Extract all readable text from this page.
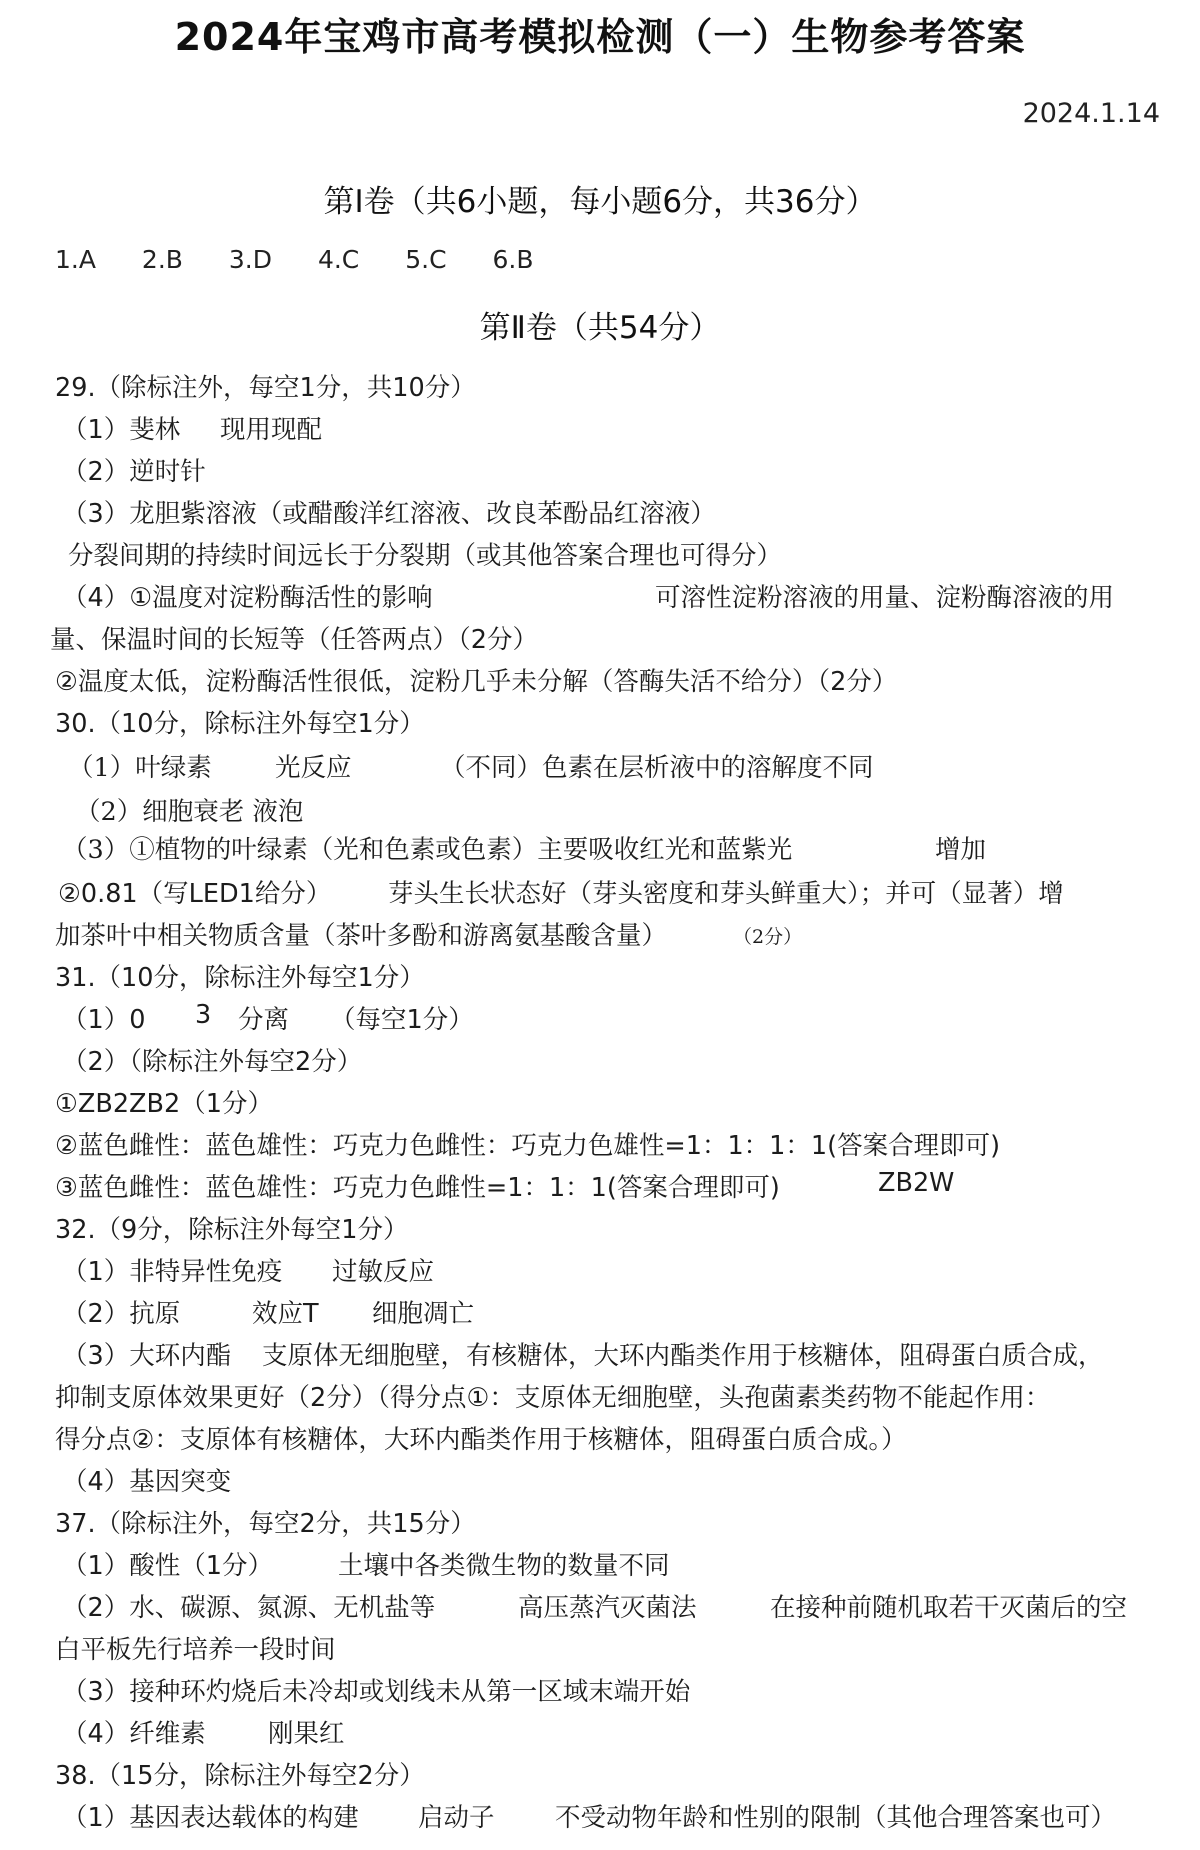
2024年宝鸡市高考模拟检测（一）生物参考答案
2024.1.14
第Ⅰ卷（共6小题，每小题6分，共36分）
1.A 2.B 3.D 4.C 5.C 6.B
第Ⅱ卷（共54分）
29.（除标注外，每空1分，共10分）
（1）斐林 现用现配
（2）逆时针
（3）龙胆紫溶液（或醋酸洋红溶液、改良苯酚品红溶液）
分裂间期的持续时间远长于分裂期（或其他答案合理也可得分）
（4）①温度对淀粉酶活性的影响	可溶性淀粉溶液的用量、淀粉酶溶液的用
量、保温时间的长短等（任答两点）（2分）
②温度太低，淀粉酶活性很低，淀粉几乎未分解（答酶失活不给分）（2分）
30.（10分，除标注外每空1分）
（1）叶绿素 光反应	（不同）色素在层析液中的溶解度不同
（2）细胞衰老 液泡
（3）①植物的叶绿素（光和色素或色素）主要吸收红光和蓝紫光	增加
②0.81（写LED1给分） 芽头生长状态好（芽头密度和芽头鲜重大）；并可（显著）增
加茶叶中相关物质含量（茶叶多酚和游离氨基酸含量）	（2分）
31.（10分，除标注外每空1分）
（1）0 3 分离 （每空1分）
（2）（除标注外每空2分）
①ZB2ZB2（1分）
②蓝色雌性：蓝色雄性：巧克力色雌性：巧克力色雄性=1：1：1：1(答案合理即可)
③蓝色雌性：蓝色雄性：巧克力色雌性=1：1：1(答案合理即可)	ZB2W
32.（9分，除标注外每空1分）
（1）非特异性免疫 过敏反应
（2）抗原	效应T 细胞凋亡
（3）大环内酯 支原体无细胞壁，有核糖体，大环内酯类作用于核糖体，阻碍蛋白质合成，
抑制支原体效果更好（2分）（得分点①：支原体无细胞壁，头孢菌素类药物不能起作用：
得分点②：支原体有核糖体，大环内酯类作用于核糖体，阻碍蛋白质合成。）
（4）基因突变
37.（除标注外，每空2分，共15分）
（1）酸性（1分）	土壤中各类微生物的数量不同
（2）水、碳源、氮源、无机盐等	高压蒸汽灭菌法	在接种前随机取若干灭菌后的空
白平板先行培养一段时间
（3）接种环灼烧后未冷却或划线未从第一区域末端开始
（4）纤维素 刚果红
38.（15分，除标注外每空2分）
（1）基因表达载体的构建 启动子 不受动物年龄和性别的限制（其他合理答案也可）
